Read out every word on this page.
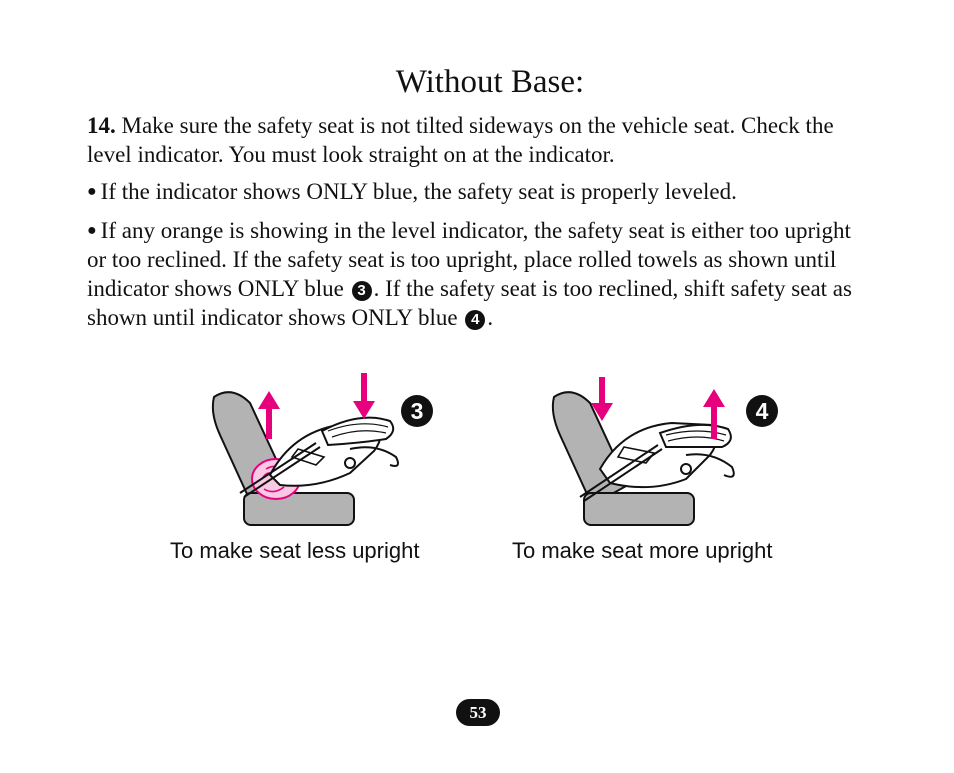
Without Base:

14. Make sure the safety seat is not tilted sideways on the vehicle seat. Check the level indicator. You must look straight on at the indicator.

● If the indicator shows ONLY blue, the safety seat is properly leveled.

● If any orange is showing in the level indicator, the safety seat is either too upright or too reclined. If the safety seat is too upright, place rolled towels as shown until indicator shows ONLY blue 3 . If the safety seat is too reclined, shift safety seat as shown until indicator shows ONLY blue 4 .

3
To make seat less upright
4
To make seat more upright
53
